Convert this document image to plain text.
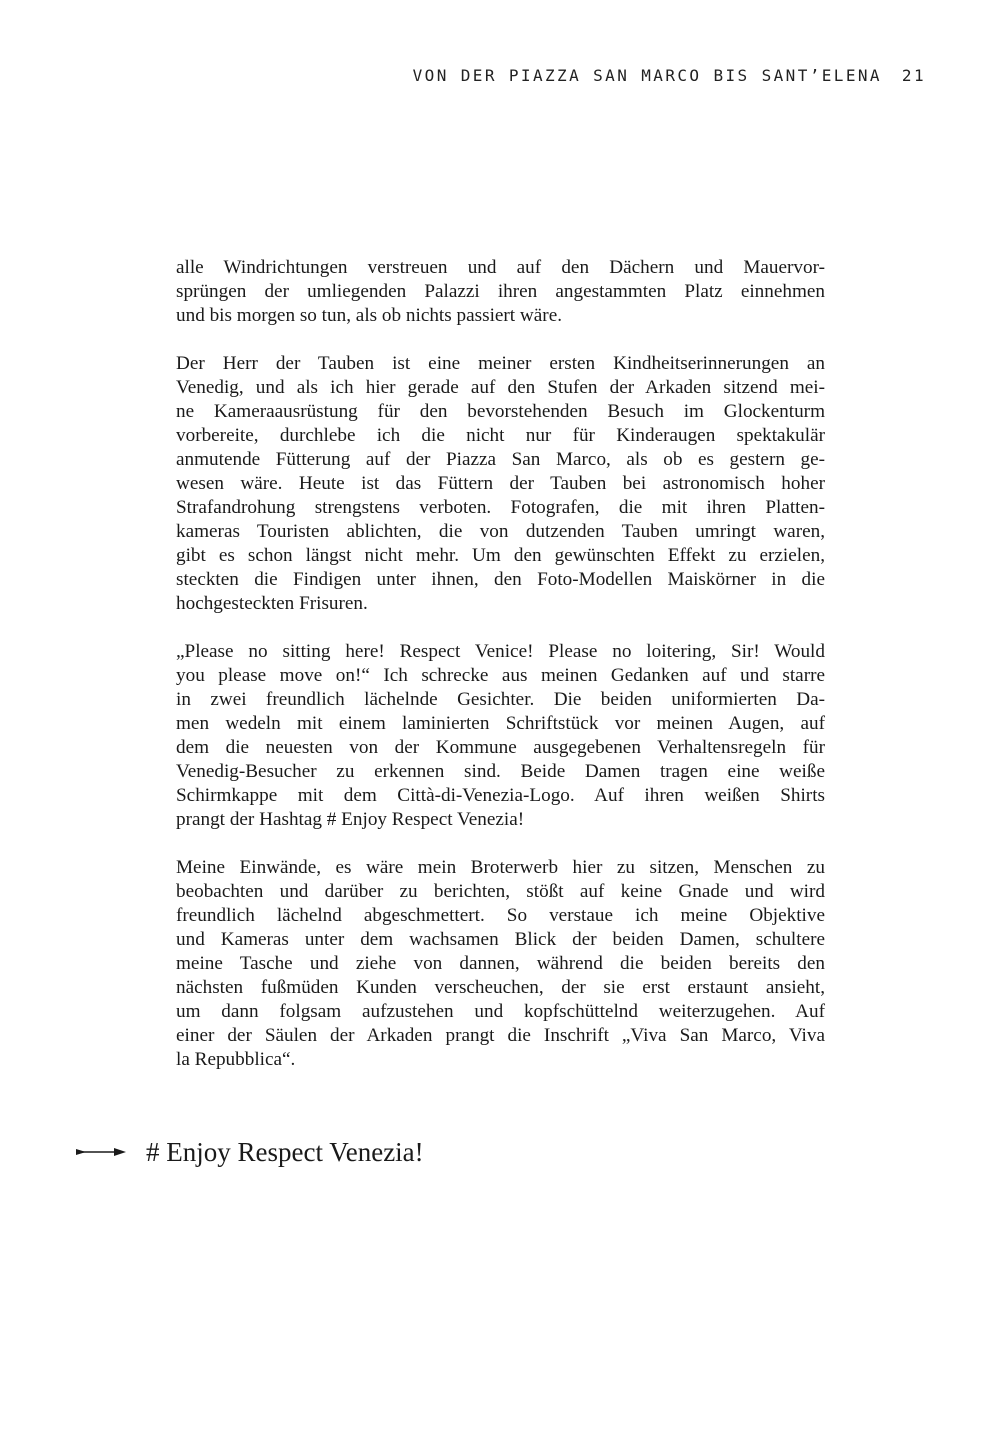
VON DER PIAZZA SAN MARCO BIS SANT’ELENA 21

alle Windrichtungen verstreuen und auf den Dächern und Mauervor-
sprüngen der umliegenden Palazzi ihren angestammten Platz einnehmen
und bis morgen so tun, als ob nichts passiert wäre.

Der Herr der Tauben ist eine meiner ersten Kindheitserinnerungen an
Venedig, und als ich hier gerade auf den Stufen der Arkaden sitzend mei-
ne Kameraausrüstung für den bevorstehenden Besuch im Glockenturm
vorbereite, durchlebe ich die nicht nur für Kinderaugen spektakulär
anmutende Fütterung auf der Piazza San Marco, als ob es gestern ge-
wesen wäre. Heute ist das Füttern der Tauben bei astronomisch hoher
Strafandrohung strengstens verboten. Fotografen, die mit ihren Platten-
kameras Touristen ablichten, die von dutzenden Tauben umringt waren,
gibt es schon längst nicht mehr. Um den gewünschten Effekt zu erzielen,
steckten die Findigen unter ihnen, den Foto-Modellen Maiskörner in die
hochgesteckten Frisuren.

„Please no sitting here! Respect Venice! Please no loitering, Sir! Would
you please move on!“ Ich schrecke aus meinen Gedanken auf und starre
in zwei freundlich lächelnde Gesichter. Die beiden uniformierten Da-
men wedeln mit einem laminierten Schriftstück vor meinen Augen, auf
dem die neuesten von der Kommune ausgegebenen Verhaltensregeln für
Venedig-Besucher zu erkennen sind. Beide Damen tragen eine weiße
Schirmkappe mit dem Città-di-Venezia-Logo. Auf ihren weißen Shirts
prangt der Hashtag # Enjoy Respect Venezia!

Meine Einwände, es wäre mein Broterwerb hier zu sitzen, Menschen zu
beobachten und darüber zu berichten, stößt auf keine Gnade und wird
freundlich lächelnd abgeschmettert. So verstaue ich meine Objektive
und Kameras unter dem wachsamen Blick der beiden Damen, schultere
meine Tasche und ziehe von dannen, während die beiden bereits den
nächsten fußmüden Kunden verscheuchen, der sie erst erstaunt ansieht,
um dann folgsam aufzustehen und kopfschüttelnd weiterzugehen. Auf
einer der Säulen der Arkaden prangt die Inschrift „Viva San Marco, Viva
la Repubblica“.

# Enjoy Respect Venezia!
